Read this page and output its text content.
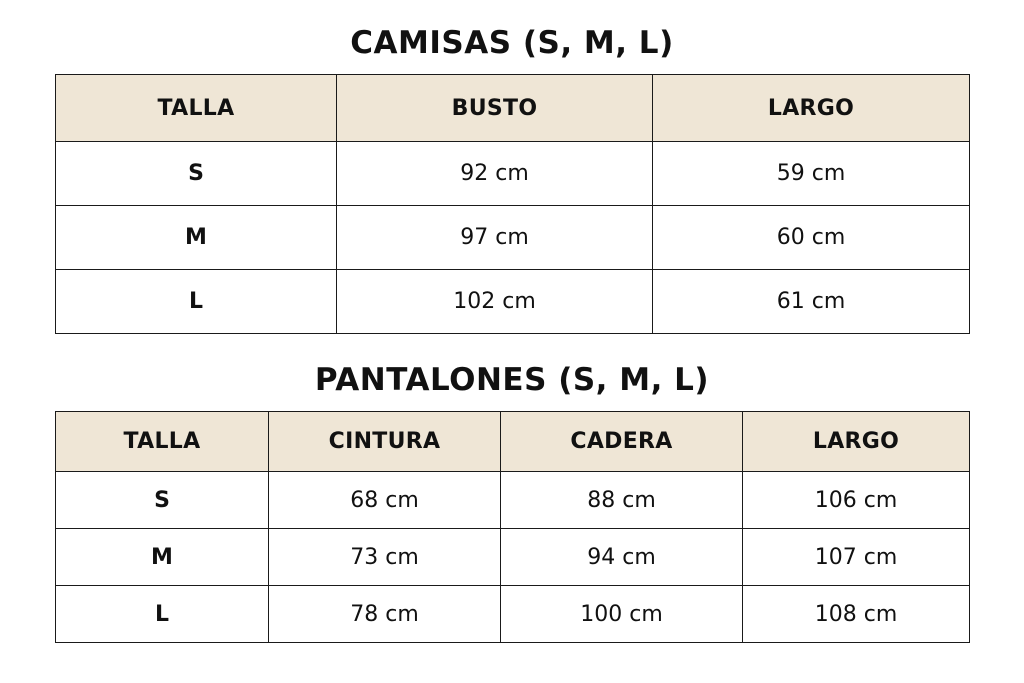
CAMISAS (S, M, L)
TALLA	BUSTO	LARGO
S	92 cm	59 cm
M	97 cm	60 cm
L	102 cm	61 cm
PANTALONES (S, M, L)
TALLA	CINTURA	CADERA	LARGO
S	68 cm	88 cm	106 cm
M	73 cm	94 cm	107 cm
L	78 cm	100 cm	108 cm
